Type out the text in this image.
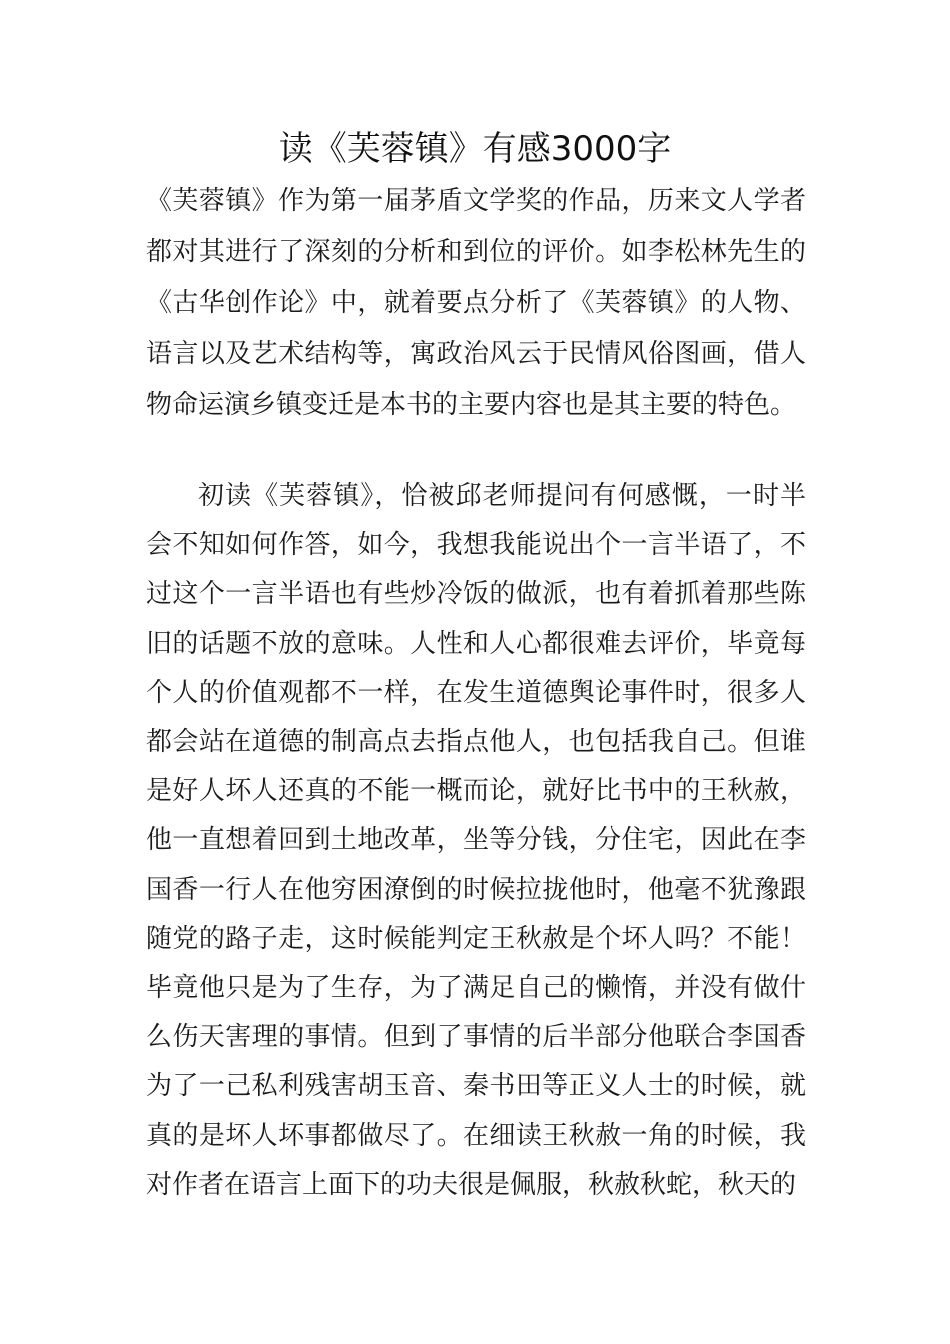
读《芙蓉镇》有感3000字

《芙蓉镇》作为第一届茅盾文学奖的作品，历来文人学者都对其进行了深刻的分析和到位的评价。如李松林先生的《古华创作论》中，就着要点分析了《芙蓉镇》的人物、语言以及艺术结构等，寓政治风云于民情风俗图画，借人物命运演乡镇变迁是本书的主要内容也是其主要的特色。

初读《芙蓉镇》，恰被邱老师提问有何感慨，一时半会不知如何作答，如今，我想我能说出个一言半语了，不过这个一言半语也有些炒冷饭的做派，也有着抓着那些陈旧的话题不放的意味。人性和人心都很难去评价，毕竟每个人的价值观都不一样，在发生道德舆论事件时，很多人都会站在道德的制高点去指点他人，也包括我自己。但谁是好人坏人还真的不能一概而论，就好比书中的王秋赦，他一直想着回到土地改革，坐等分钱，分住宅，因此在李国香一行人在他穷困潦倒的时候拉拢他时，他毫不犹豫跟随党的路子走，这时候能判定王秋赦是个坏人吗？不能！毕竟他只是为了生存，为了满足自己的懒惰，并没有做什么伤天害理的事情。但到了事情的后半部分他联合李国香为了一己私利残害胡玉音、秦书田等正义人士的时候，就真的是坏人坏事都做尽了。在细读王秋赦一角的时候，我对作者在语言上面下的功夫很是佩服，秋赦秋蛇，秋天的
